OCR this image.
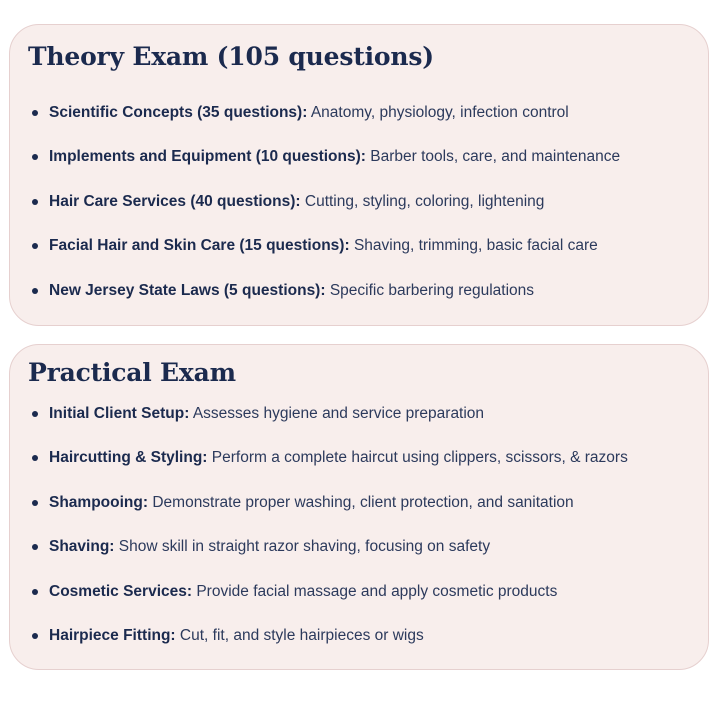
Theory Exam (105 questions)
Scientific Concepts (35 questions): Anatomy, physiology, infection control
Implements and Equipment (10 questions): Barber tools, care, and maintenance
Hair Care Services (40 questions): Cutting, styling, coloring, lightening
Facial Hair and Skin Care (15 questions): Shaving, trimming, basic facial care
New Jersey State Laws (5 questions): Specific barbering regulations
Practical Exam
Initial Client Setup: Assesses hygiene and service preparation
Haircutting & Styling: Perform a complete haircut using clippers, scissors, & razors
Shampooing: Demonstrate proper washing, client protection, and sanitation
Shaving: Show skill in straight razor shaving, focusing on safety
Cosmetic Services: Provide facial massage and apply cosmetic products
Hairpiece Fitting: Cut, fit, and style hairpieces or wigs
